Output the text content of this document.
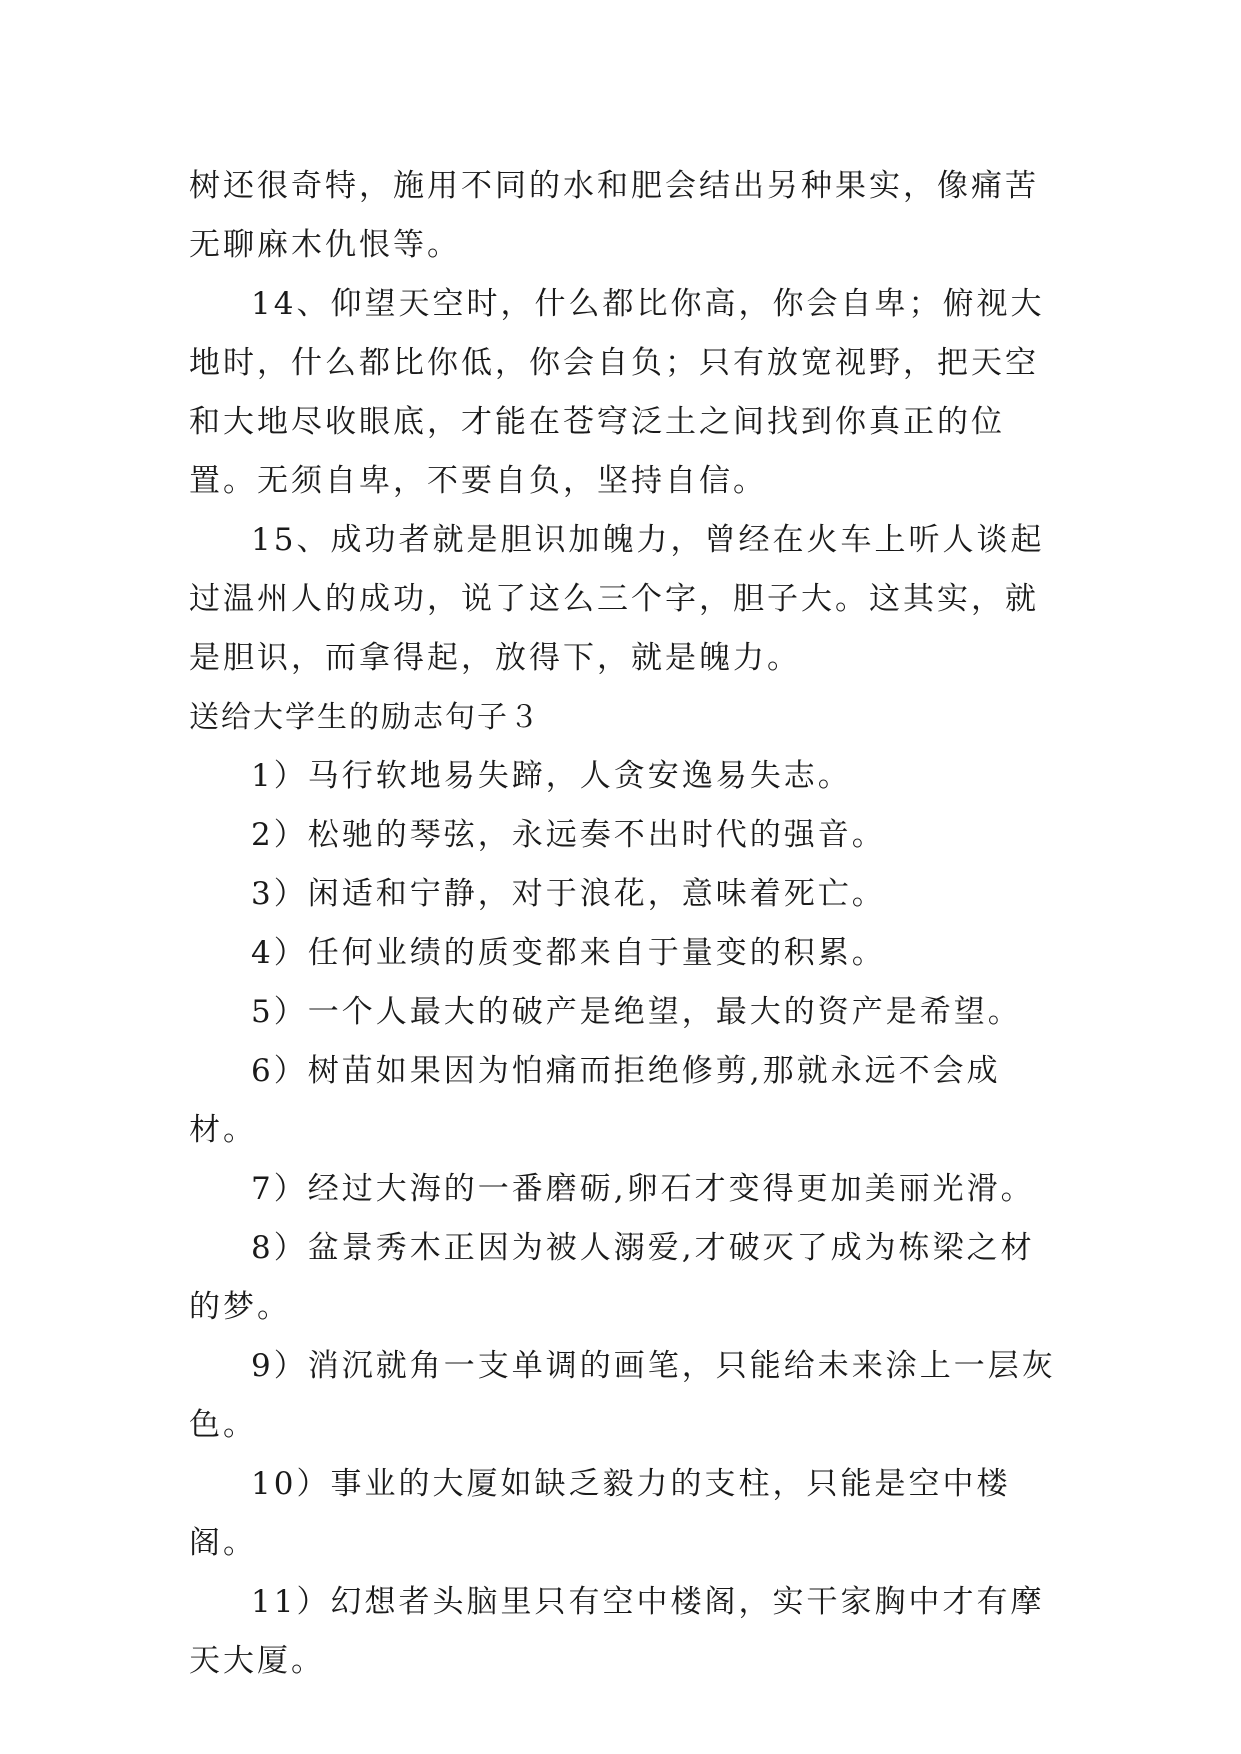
树还很奇特，施用不同的水和肥会结出另种果实，像痛苦无聊麻木仇恨等。

14、仰望天空时，什么都比你高，你会自卑；俯视大地时，什么都比你低，你会自负；只有放宽视野，把天空和大地尽收眼底，才能在苍穹泛土之间找到你真正的位置。无须自卑，不要自负，坚持自信。

15、成功者就是胆识加魄力，曾经在火车上听人谈起过温州人的成功，说了这么三个字，胆子大。这其实，就是胆识，而拿得起，放得下，就是魄力。

送给大学生的励志句子３

1）马行软地易失蹄，人贪安逸易失志。

2）松驰的琴弦，永远奏不出时代的强音。

3）闲适和宁静，对于浪花，意味着死亡。

4）任何业绩的质变都来自于量变的积累。

5）一个人最大的破产是绝望，最大的资产是希望。

6）树苗如果因为怕痛而拒绝修剪,那就永远不会成材。

7）经过大海的一番磨砺,卵石才变得更加美丽光滑。

8）盆景秀木正因为被人溺爱,才破灭了成为栋梁之材的梦。

9）消沉就角一支单调的画笔，只能给未来涂上一层灰色。

10）事业的大厦如缺乏毅力的支柱，只能是空中楼阁。

11）幻想者头脑里只有空中楼阁，实干家胸中才有摩天大厦。
